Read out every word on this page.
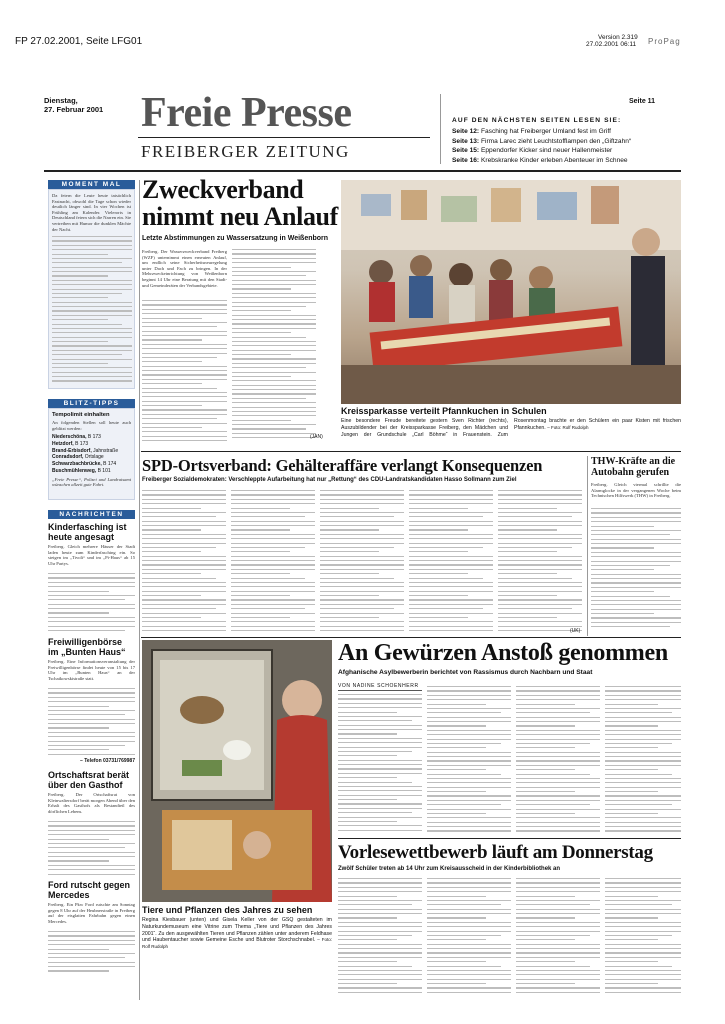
FP 27.02.2001, Seite LFG01	Version 2.319
27.02.2001 06:11 ProPag
Dienstag,
27. Februar 2001 Freie Presse
FREIBERGER ZEITUNG
Seite 11
AUF DEN NÄCHSTEN SEITEN LESEN SIE:
Seite 12: Fasching hat Freiberger Umland fest im Griff
Seite 13: Firma Larec zieht Leuchtstofflampen den „Giftzahn“
Seite 15: Eppendorfer Kicker sind neuer Hallenmeister
Seite 16: Krebskranke Kinder erleben Abenteuer im Schnee
MOMENT MAL
Da feiern die Leute heute tatsächlich Fastnacht, obwohl die Tage schon wieder deutlich länger sind. In vier Wochen ist Frühling am Kalender. Vielerorts in Deutschland feiern sich die Narren ein. Sie vertreiben mit Humor die dunklen Mächte der Nacht.
BLITZ-TIPPS
Tempolimit einhalten
An folgenden Stellen soll heute auch geblitzt werden:
Niederschöna, B 173
Hetzdorf, B 173
Brand-Erbisdorf, Jahnstraße
Conradsdorf, Ortslage
Schwarzbachbrücke, B 174
Buschmühlenweg, B 101
„Freie Presse“, Polizei und Landratsamt wünschen allzeit gute Fahrt.
NACHRICHTEN
Kinderfasching ist heute angesagt
Freiberg. Gleich mehrere Häuser der Stadt laden heute zum Kinderfasching ein. So steigen im „Tivoli“ und im „Pi-Haus“ ab 15 Uhr Partys.
Freiwilligenbörse im „Bunten Haus“
Freiberg. Eine Informationsveranstaltung der Freiwilligenbörse findet heute von 15 bis 17 Uhr im „Bunten Haus“ an der Tschaikowskistraße statt.
– Telefon 03731/769987
Ortschaftsrat berät über den Gasthof
Freiberg. Der Ortschaftsrat von Kleinwaltersdorf berät morgen Abend über den Erhalt des Gasthofs als Bestandteil des dörflichen Lebens.
Ford rutscht gegen Mercedes
Freiberg. Ein Pkw Ford rutschte am Sonntag gegen 8 Uhr auf der Heubnerstraße in Freiberg auf der eisglatten Fahrbahn gegen einen Mercedes.
Zweckverband
nimmt neu Anlauf
Letzte Abstimmungen zu Wassersatzung in Weißenborn
Freiberg. Der Wasserzweckverband Freiberg (WZF) unternimmt einen erneuten Anlauf, um endlich seine Sicherheitsneuregelung unter Dach und Fach zu bringen. In der Mehrzweckeinrichtung von Weißenborn beginnt 14 Uhr eine Beratung mit den Stadt- und Gemeinderäten der Verbandsgebiete.
(JAN)
Kreissparkasse verteilt Pfannkuchen in Schulen
Eine besondere Freude bereitete gestern Sven Richter (rechts), Auszubildender bei der Kreissparkasse Freiberg, den Mädchen und Jungen der Grundschule „Carl Böhme“ in Frauenstein. Zum Rosenmontag brachte er den Schülern ein paar Kisten mit frischen Pfannkuchen. – Foto: Rolf Rudolph
SPD-Ortsverband: Gehälteraffäre verlangt Konsequenzen
Freiberger Sozialdemokraten: Verschleppte Aufarbeitung hat nur „Rettung“ des CDU-Landratskandidaten Hasso Sollmann zum Ziel
(UK)
THW-Kräfte an die Autobahn gerufen
Freiberg. Gleich viermal schrillte die Alarmglocke in der vergangenen Woche beim Technischen Hilfswerk (THW) in Freiberg.
Tiere und Pflanzen des Jahres zu sehen
Regina Kiesbauer (unten) und Gisela Keller von der GSQ gestalteten im Naturkundemuseum eine Vitrine zum Thema „Tiere und Pflanzen des Jahres 2001“. Zu den ausgewählten Tieren und Pflanzen zählen unter anderem Feldhase und Haubentaucher sowie Gemeine Esche und Blutroter Storchschnabel. – Foto: Rolf Rudolph
An Gewürzen Anstoß genommen
Afghanische Asylbewerberin berichtet von Rassismus durch Nachbarn und Staat
VON NADINE SCHOENHERR
Vorlesewettbewerb läuft am Donnerstag
Zwölf Schüler treten ab 14 Uhr zum Kreisausscheid in der Kinderbibliothek an
